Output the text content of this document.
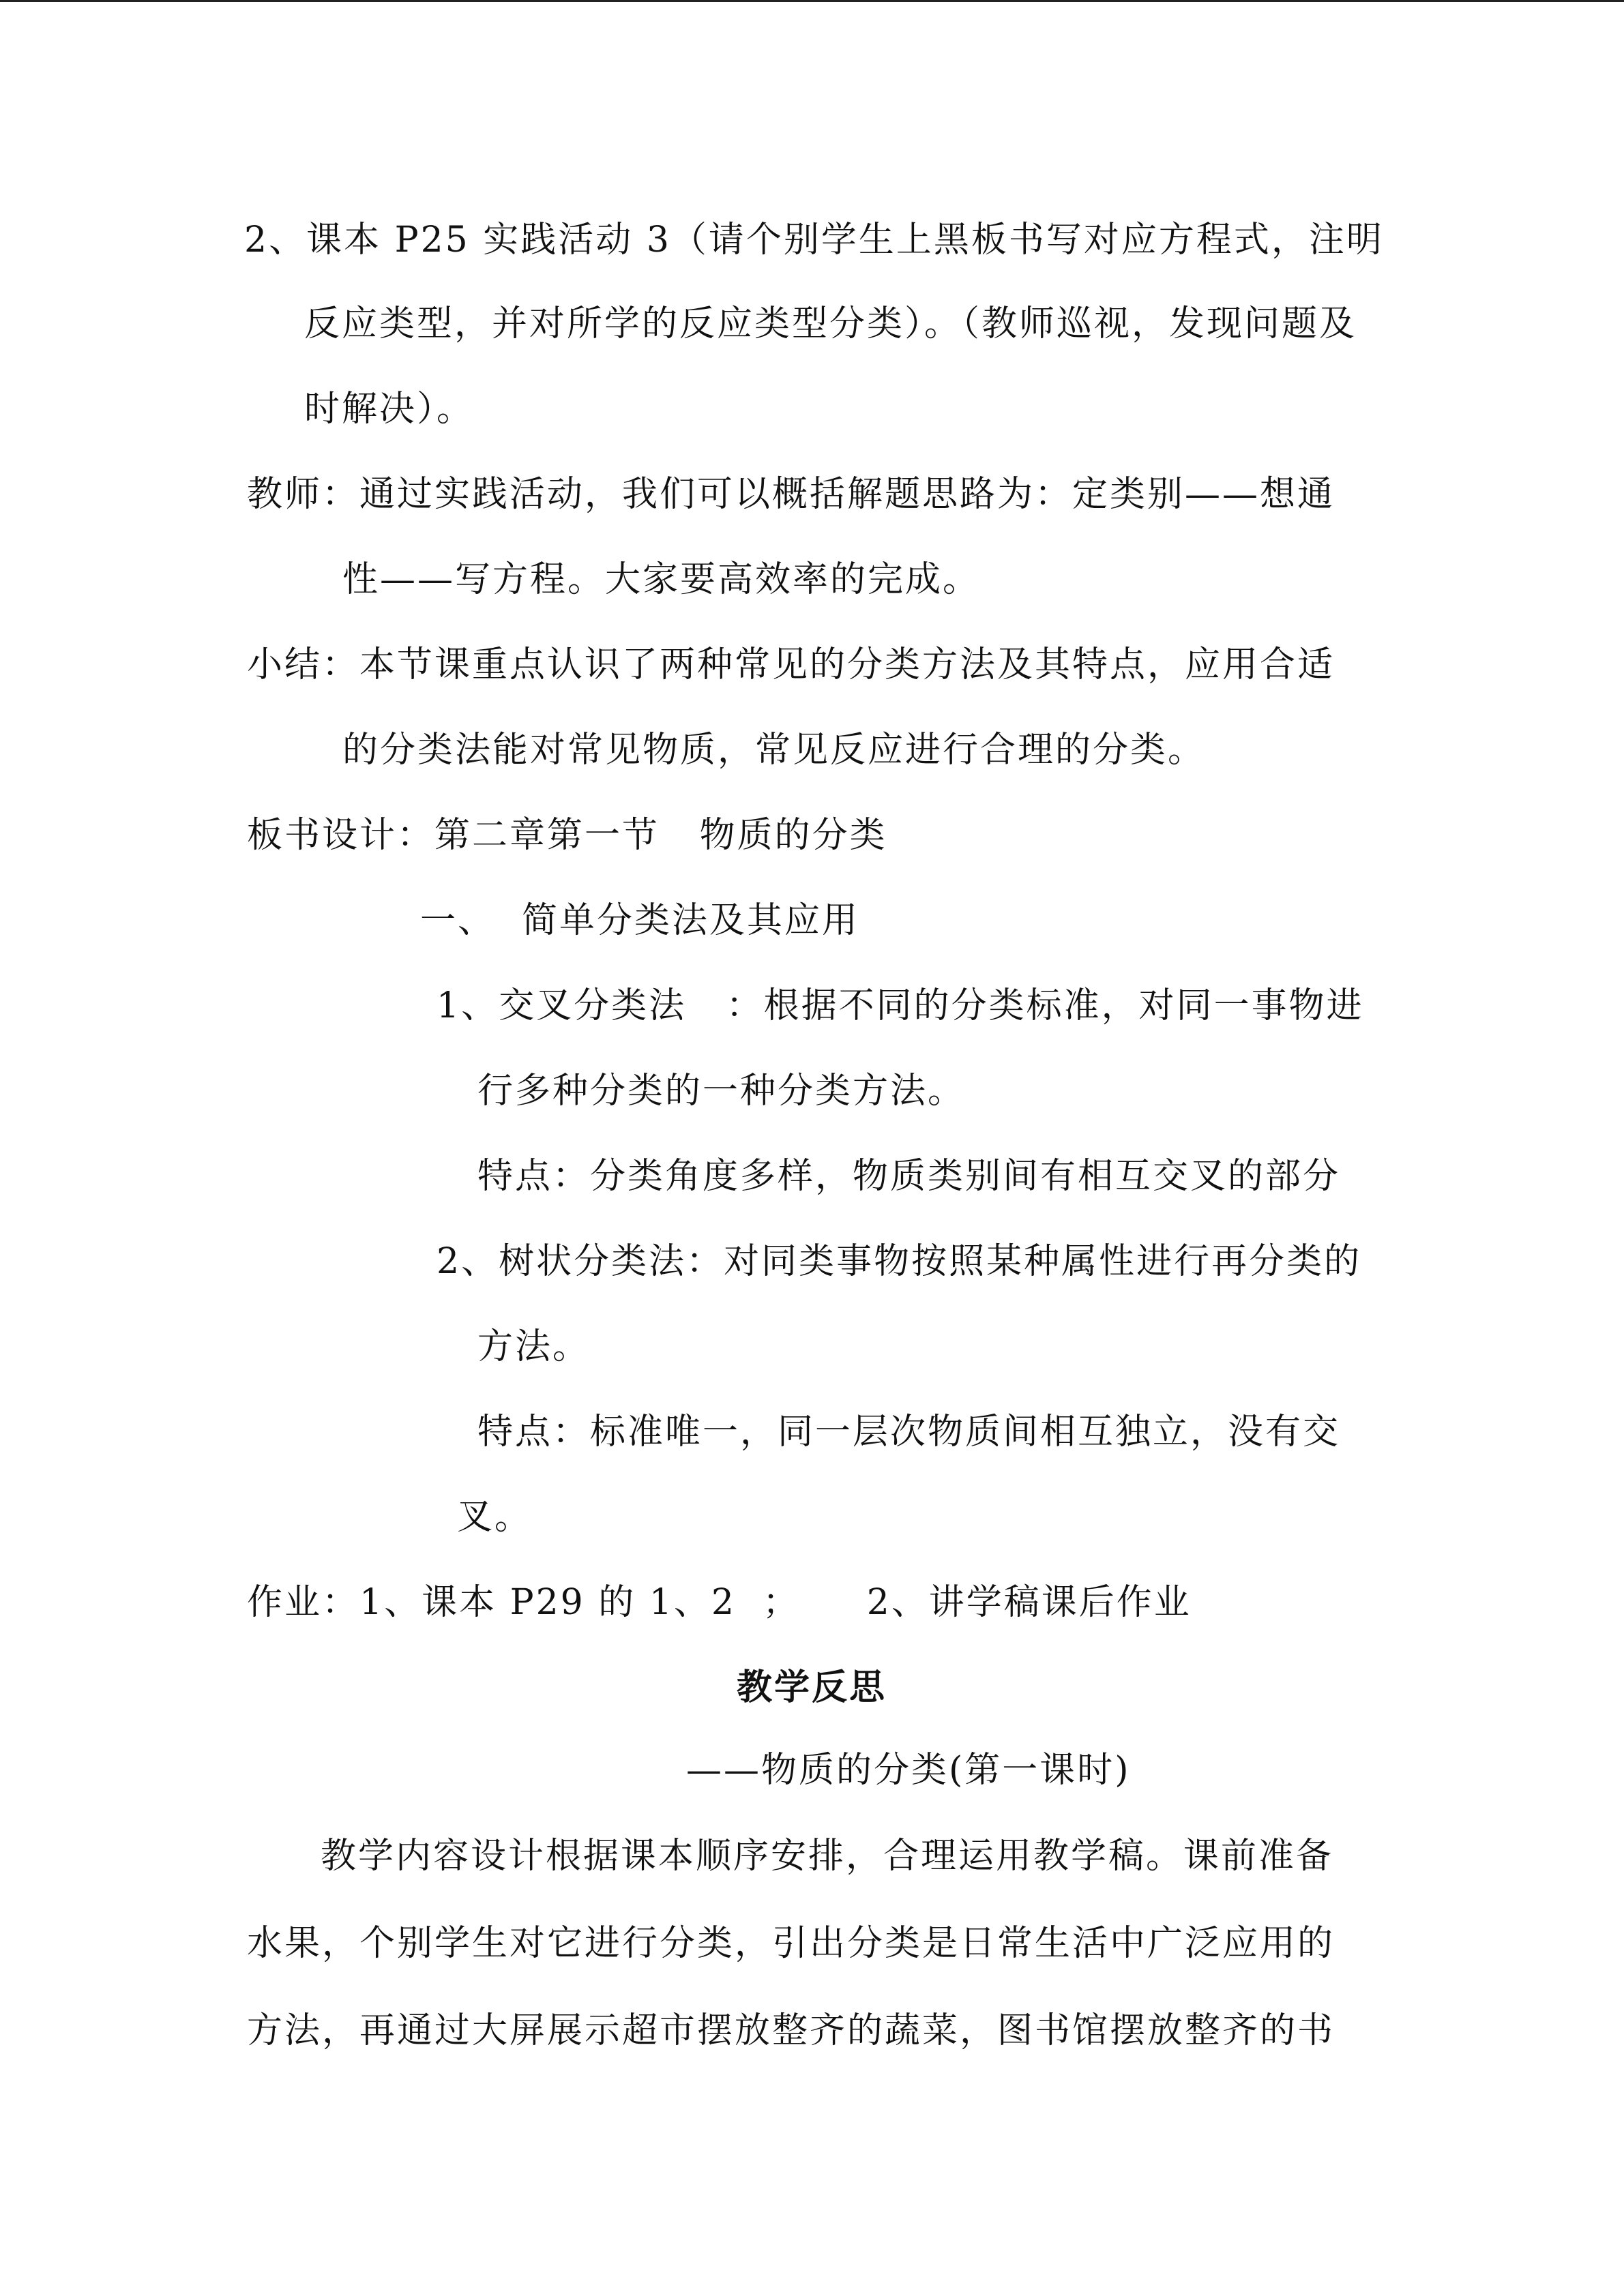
2、课本 P25 实践活动 3（请个别学生上黑板书写对应方程式，注明
反应类型，并对所学的反应类型分类）。（教师巡视，发现问题及
时解决）。
教师：通过实践活动，我们可以概括解题思路为：定类别——想通
性——写方程。大家要高效率的完成。
小结：本节课重点认识了两种常见的分类方法及其特点，应用合适
的分类法能对常见物质，常见反应进行合理的分类。
板书设计：第二章第一节   物质的分类
一、  简单分类法及其应用
1、交叉分类法   ：根据不同的分类标准，对同一事物进
行多种分类的一种分类方法。
特点：分类角度多样，物质类别间有相互交叉的部分
2、树状分类法：对同类事物按照某种属性进行再分类的
方法。
特点：标准唯一，同一层次物质间相互独立，没有交
叉。
作业：1、课本 P29 的 1、2  ；     2、讲学稿课后作业
教学反思
——物质的分类(第一课时)
教学内容设计根据课本顺序安排，合理运用教学稿。课前准备
水果，个别学生对它进行分类，引出分类是日常生活中广泛应用的
方法，再通过大屏展示超市摆放整齐的蔬菜，图书馆摆放整齐的书
